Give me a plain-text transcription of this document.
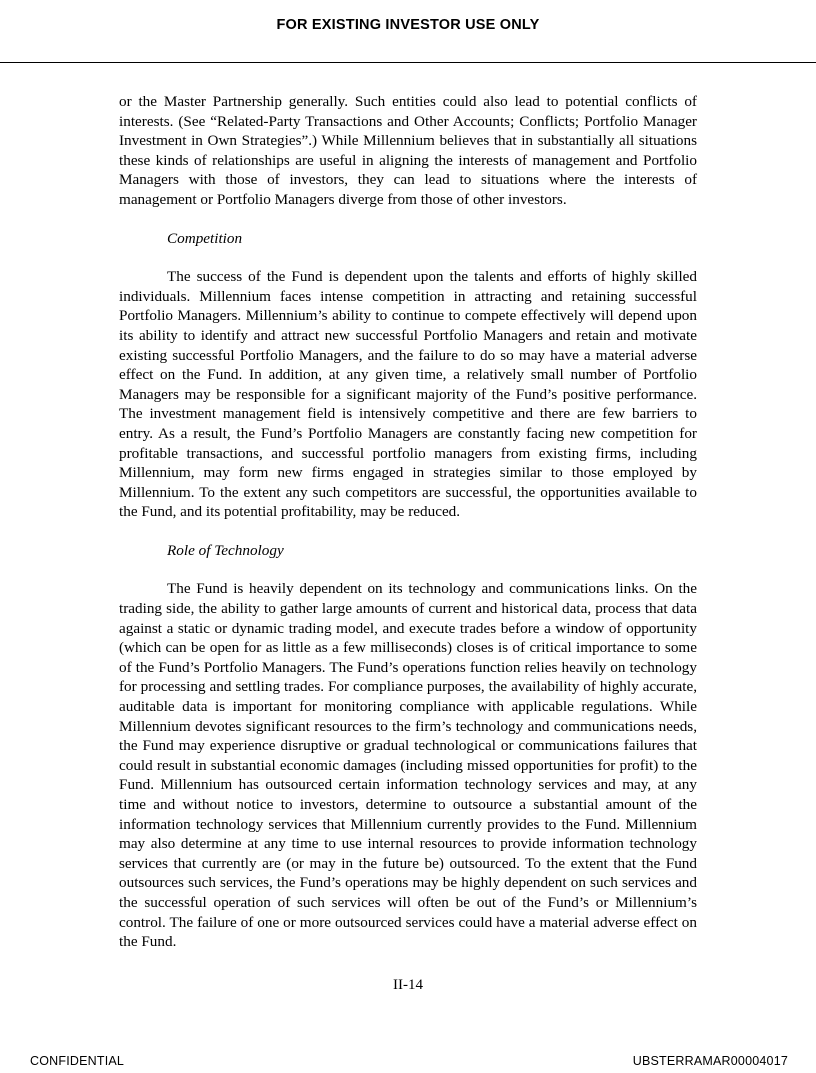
FOR EXISTING INVESTOR USE ONLY

or the Master Partnership generally. Such entities could also lead to potential conflicts of interests. (See “Related-Party Transactions and Other Accounts; Conflicts; Portfolio Manager Investment in Own Strategies”.) While Millennium believes that in substantially all situations these kinds of relationships are useful in aligning the interests of management and Portfolio Managers with those of investors, they can lead to situations where the interests of management or Portfolio Managers diverge from those of other investors.

Competition

The success of the Fund is dependent upon the talents and efforts of highly skilled individuals. Millennium faces intense competition in attracting and retaining successful Portfolio Managers. Millennium’s ability to continue to compete effectively will depend upon its ability to identify and attract new successful Portfolio Managers and retain and motivate existing successful Portfolio Managers, and the failure to do so may have a material adverse effect on the Fund. In addition, at any given time, a relatively small number of Portfolio Managers may be responsible for a significant majority of the Fund’s positive performance. The investment management field is intensively competitive and there are few barriers to entry. As a result, the Fund’s Portfolio Managers are constantly facing new competition for profitable transactions, and successful portfolio managers from existing firms, including Millennium, may form new firms engaged in strategies similar to those employed by Millennium. To the extent any such competitors are successful, the opportunities available to the Fund, and its potential profitability, may be reduced.

Role of Technology

The Fund is heavily dependent on its technology and communications links. On the trading side, the ability to gather large amounts of current and historical data, process that data against a static or dynamic trading model, and execute trades before a window of opportunity (which can be open for as little as a few milliseconds) closes is of critical importance to some of the Fund’s Portfolio Managers. The Fund’s operations function relies heavily on technology for processing and settling trades. For compliance purposes, the availability of highly accurate, auditable data is important for monitoring compliance with applicable regulations. While Millennium devotes significant resources to the firm’s technology and communications needs, the Fund may experience disruptive or gradual technological or communications failures that could result in substantial economic damages (including missed opportunities for profit) to the Fund. Millennium has outsourced certain information technology services and may, at any time and without notice to investors, determine to outsource a substantial amount of the information technology services that Millennium currently provides to the Fund. Millennium may also determine at any time to use internal resources to provide information technology services that currently are (or may in the future be) outsourced. To the extent that the Fund outsources such services, the Fund’s operations may be highly dependent on such services and the successful operation of such services will often be out of the Fund’s or Millennium’s control. The failure of one or more outsourced services could have a material adverse effect on the Fund.

II-14
CONFIDENTIAL	UBSTERRAMAR00004017
